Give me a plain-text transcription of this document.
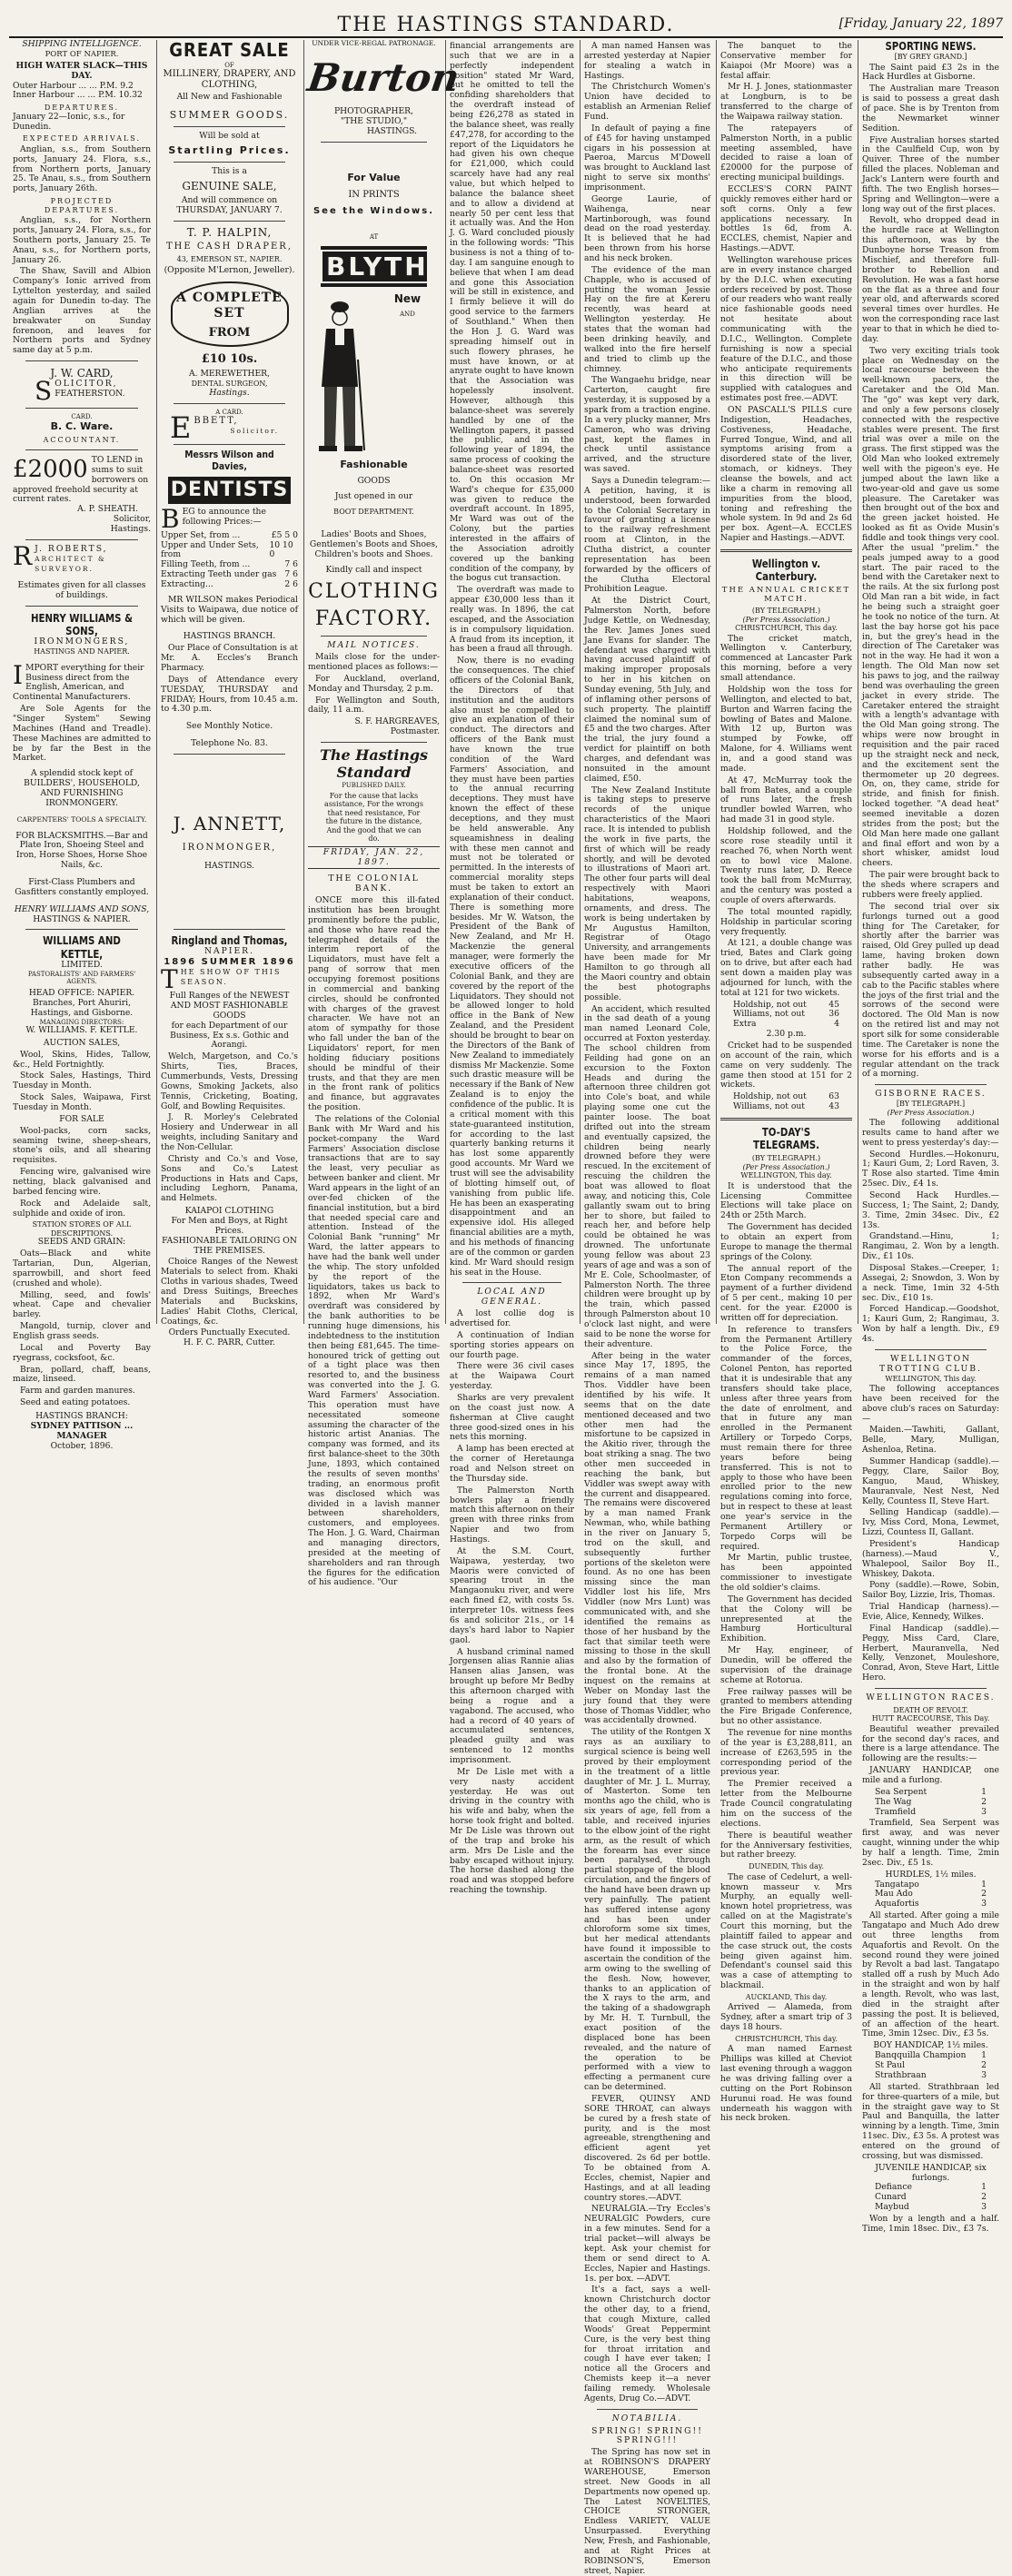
THE HASTINGS STANDARD.	[Friday, January 22, 1897
SHIPPING INTELLIGENCE.
PORT OF NAPIER.
HIGH WATER SLACK—THIS DAY.
Outer Harbour ... ... P.M. 9.2
Inner Harbour ... ... P.M. 10.32
DEPARTURES.
January 22—Ionic, s.s., for Dunedin.
EXPECTED ARRIVALS.

Anglian, s.s., from Southern ports, January 24. Flora, s.s., from Northern ports, January 25. Te Anau, s.s., from Southern ports, January 26th.

PROJECTED DEPARTURES.

Anglian, s.s., for Northern ports, January 24. Flora, s.s., for Southern ports, January 25. Te Anau, s.s., for Northern ports, January 26.

The Shaw, Savill and Albion Company's Ionic arrived from Lyttelton yesterday, and sailed again for Dunedin to-day. The Anglian arrives at the breakwater on Sunday forenoon, and leaves for Northern ports and Sydney same day at 5 p.m.

J. W. CARD,
SOLICITOR,
FEATHERSTON.
CARD.
B. C. Ware.
ACCOUNTANT.
£2000 TO LEND in sums to suit borrowers on approved freehold security at current rates.
A. P. SHEATH.
Solicitor,
Hastings.
R J. ROBERTS,
ARCHITECT & SURVEYOR.
Estimates given for all classes of buildings.
HENRY WILLIAMS & SONS,
IRONMONGERS,
HASTINGS AND NAPIER.
IMPORT everything for their Business direct from the English, American, and Continental Manufacturers.

Are Sole Agents for the "Singer System" Sewing Machines (Hand and Treadle). These Machines are admitted to be by far the Best in the Market.

A splendid stock kept of BUILDERS', HOUSEHOLD, AND FURNISHING IRONMONGERY.
CARPENTERS' TOOLS A SPECIALTY.
FOR BLACKSMITHS.—Bar and Plate Iron, Shoeing Steel and Iron, Horse Shoes, Horse Shoe Nails, &c.
First-Class Plumbers and Gasfitters constantly employed.
HENRY WILLIAMS AND SONS,
HASTINGS & NAPIER.
WILLIAMS AND KETTLE,
LIMITED.
PASTORALISTS' AND FARMERS' AGENTS.
HEAD OFFICE: NAPIER.
Branches, Port Ahuriri, Hastings, and Gisborne.
MANAGING DIRECTORS:
W. WILLIAMS. F. KETTLE.
AUCTION SALES,

Wool, Skins, Hides, Tallow, &c., Held Fortnightly.

Stock Sales, Hastings, Third Tuesday in Month.

Stock Sales, Waipawa, First Tuesday in Month.

FOR SALE

Wool-packs, corn sacks, seaming twine, sheep-shears, stone's oils, and all shearing requisites.

Fencing wire, galvanised wire netting, black galvanised and barbed fencing wire.

Rock and Adelaide salt, sulphide and oxide of iron.

STATION STORES OF ALL DESCRIPTIONS.
SEEDS AND GRAIN:

Oats—Black and white Tartarian, Dun, Algerian, sparrowbill, and short feed (crushed and whole).

Milling, seed, and fowls' wheat. Cape and chevalier barley.

Mangold, turnip, clover and English grass seeds.

Local and Poverty Bay ryegrass, cocksfoot, &c.

Bran, pollard, chaff, beans, maize, linseed.

Farm and garden manures.

Seed and eating potatoes.

HASTINGS BRANCH:
SYDNEY PATTISON ... MANAGER
October, 1896.
GREAT SALE
OF
MILLINERY, DRAPERY, AND CLOTHING,
All New and Fashionable
SUMMER GOODS.
Will be sold at
Startling Prices.
This is a
GENUINE SALE,
And will commence on THURSDAY, JANUARY 7.
T. P. HALPIN,
THE CASH DRAPER,
43, EMERSON ST., NAPIER.
(Opposite M'Lernon, Jeweller).
A COMPLETE SET
FROM
£10 10s.
A. MEREWETHER,
DENTAL SURGEON,
Hastings.
A CARD.
EBBETT,
Solicitor.
Messrs Wilson and Davies,
DENTISTS
BEG to announce the following Prices:—
Upper Set, from ...	£5 5 0
Upper and Under Sets, from
10 10 0
Filling Teeth, from ...	7 6
Extracting Teeth under gas 7 6
Extracting...	2 6

MR WILSON makes Periodical Visits to Waipawa, due notice of which will be given.

HASTINGS BRANCH.

Our Place of Consultation is at Mr. A. Eccles's Branch Pharmacy.

Days of Attendance every TUESDAY, THURSDAY and FRIDAY; Hours, from 10.45 a.m. to 4.30 p.m.

See Monthly Notice.
Telephone No. 83.
J. ANNETT,
IRONMONGER,
HASTINGS.
Ringland and Thomas,
NAPIER.
1896 SUMMER 1896
THE SHOW OF THIS SEASON.
Full Ranges of the NEWEST AND MOST FASHIONABLE GOODS
for each Department of our Business, Ex s.s. Gothic and Aorangi.

Welch, Margetson, and Co.'s Shirts, Ties, Braces, Cummerbunds, Vests, Dressing Gowns, Smoking Jackets, also Tennis, Cricketing, Boating, Golf, and Bowling Requisites.

J. R. Morley's Celebrated Hosiery and Underwear in all weights, including Sanitary and the Non-Cellular.

Christy and Co.'s and Vose, Sons and Co.'s Latest Productions in Hats and Caps, including Leghorn, Panama, and Helmets.

KAIAPOI CLOTHING
For Men and Boys, at Right Prices.
FASHIONABLE TAILORING ON THE PREMISES.

Choice Ranges of the Newest Materials to select from. Khaki Cloths in various shades, Tweed and Dress Suitings, Breeches Materials and Buckskins, Ladies' Habit Cloths, Clerical, Coatings, &c.

Orders Punctually Executed.
H. F. C. PARR, Cutter.
UNDER VICE-REGAL PATRONAGE.
Burton
PHOTOGRAPHER,
"THE STUDIO,"
HASTINGS.
For Value
IN PRINTS
See the Windows.
AT
BLYTHES
New
AND
Fashionable
GOODS
Just opened in our
BOOT DEPARTMENT.
Ladies' Boots and Shoes, Gentlemen's Boots and Shoes, Children's boots and Shoes.
Kindly call and inspect
CLOTHING
FACTORY.
MAIL NOTICES.

Mails close for the under-mentioned places as follows:—

For Auckland, overland, Monday and Thursday, 2 p.m.

For Wellington and South, daily, 11 a.m.

S. F. HARGREAVES,
Postmaster.
The Hastings Standard
PUBLISHED DAILY.
For the cause that lacks assistance, For the wrongs that need resistance, For the future in the distance, And the good that we can do.
FRIDAY, JAN. 22, 1897.
THE COLONIAL BANK.

ONCE more this ill-fated institution has been brought prominently before the public, and those who have read the telegraphed details of the interim report of the Liquidators, must have felt a pang of sorrow that men occupying foremost positions in commercial and banking circles, should be confronted with charges of the gravest character. We have not an atom of sympathy for those who fall under the ban of the Liquidators' report, for men holding fiduciary positions should be mindful of their trusts, and that they are men in the front rank of politics and finance, but aggravates the position.

The relations of the Colonial Bank with Mr Ward and his pocket-company the Ward Farmers' Association disclose transactions that are to say the least, very peculiar as between banker and client. Mr Ward appears in the light of an over-fed chicken of the financial institution, but a bird that needed special care and attention. Instead of the Colonial Bank "running" Mr Ward, the latter appears to have had the bank well under the whip. The story unfolded by the report of the liquidators, takes us back to 1892, when Mr Ward's overdraft was considered by the bank authorities to be running huge dimensions, his indebtedness to the institution then being £81,645. The time-honoured trick of getting out of a tight place was then resorted to, and the business was converted into the J. G. Ward Farmers' Association. This operation must have necessitated someone assuming the character of the historic artist Ananias. The company was formed, and its first balance-sheet to the 30th June, 1893, which contained the results of seven months' trading, an enormous profit was disclosed which was divided in a lavish manner between shareholders, customers, and employees. The Hon. J. G. Ward, Chairman and managing directors, presided at the meeting of shareholders and ran through the figures for the edification of his audience. "Our

financial arrangements are such that we are in a perfectly independent position" stated Mr Ward, but he omitted to tell the confiding shareholders that the overdraft instead of being £26,278 as stated in the balance sheet, was really £47,278, for according to the report of the Liquidators he had given his own cheque for £21,000, which could scarcely have had any real value, but which helped to balance the balance sheet and to allow a dividend at nearly 50 per cent less that it actually was. And the Hon J. G. Ward concluded piously in the following words: "This business is not a thing of to-day. I am sanguine enough to believe that when I am dead and gone this Association will be still in existence, and I firmly believe it will do good service to the farmers of Southland." When then the Hon J. G. Ward was spreading himself out in such flowery phrases, he must have known, or at anyrate ought to have known that the Association was hopelessly insolvent. However, although this balance-sheet was severely handled by one of the Wellington papers, it passed the public, and in the following year of 1894, the same process of cooking the balance-sheet was resorted to. On this occasion Mr Ward's cheque for £35,000 was given to reduce the overdraft account. In 1895, Mr Ward was out of the Colony, but the parties interested in the affairs of the Association adroitly covered up the banking condition of the company, by the bogus cut transaction.

The overdraft was made to appear £30,000 less than it really was. In 1896, the cat escaped, and the Association is in compulsory liquidation. A fraud from its inception, it has been a fraud all through.

Now, there is no evading the consequences. The chief officers of the Colonial Bank, the Directors of that institution and the auditors also must be compelled to give an explanation of their conduct. The directors and officers of the Bank must have known the true condition of the Ward Farmers' Association, and they must have been parties to the annual recurring deceptions. They must have known the effect of these deceptions, and they must be held answerable. Any squeamishness in dealing with these men cannot and must not be tolerated or permitted. In the interests of commercial morality steps must be taken to extort an explanation of their conduct. There is something more besides. Mr W. Watson, the President of the Bank of New Zealand, and Mr H. Mackenzie the general manager, were formerly the executive officers of the Colonial Bank, and they are covered by the report of the Liquidators. They should not be allowed longer to hold office in the Bank of New Zealand, and the President should be brought to bear on the Directors of the Bank of New Zealand to immediately dismiss Mr Mackenzie. Some such drastic measure will be necessary if the Bank of New Zealand is to enjoy the confidence of the public. It is a critical moment with this state-guaranteed institution, for according to the last quarterly banking returns it has lost some apparently good accounts. Mr Ward we trust will see the advisability of blotting himself out, of vanishing from public life. He has been an exasperating disappointment and an expensive idol. His alleged financial abilities are a myth, and his methods of financing are of the common or garden kind. Mr Ward should resign his seat in the House.

LOCAL AND GENERAL.

A lost collie dog is advertised for.

A continuation of Indian sporting stories appears on our fourth page.

There were 36 civil cases at the Waipawa Court yesterday.

Sharks are very prevalent on the coast just now. A fisherman at Clive caught three good-sized ones in his nets this morning.

A lamp has been erected at the corner of Heretaunga road and Nelson street on the Thursday side.

The Palmerston North bowlers play a friendly match this afternoon on their green with three rinks from Napier and two from Hastings.

At the S.M. Court, Waipawa, yesterday, two Maoris were convicted of spearing trout in the Mangaonuku river, and were each fined £2, with costs 5s. interpreter 10s. witness fees 6s and solicitor 21s., or 14 days's hard labor to Napier gaol.

A husband criminal named Jorgensen alias Rannie alias Hansen alias Jansen, was brought up before Mr Bedby this afternoon charged with being a rogue and a vagabond. The accused, who had a record of 40 years of accumulated sentences, pleaded guilty and was sentenced to 12 months imprisonment.

Mr De Lisle met with a very nasty accident yesterday. He was out driving in the country with his wife and baby, when the horse took fright and bolted. Mr De Lisle was thrown out of the trap and broke his arm. Mrs De Lisle and the baby escaped without injury. The horse dashed along the road and was stopped before reaching the township.

A man named Hansen was arrested yesterday at Napier for stealing a watch in Hastings.

The Christchurch Women's Union have decided to establish an Armenian Relief Fund.

In default of paying a fine of £45 for having unstamped cigars in his possession at Paeroa, Marcus M'Dowell was brought to Auckland last night to serve six months' imprisonment.

George Laurie, of Waihenga, near Martinborough, was found dead on the road yesterday. It is believed that he had been thrown from his horse and his neck broken.

The evidence of the man Chapple, who is accused of putting the woman Jessie Hay on the fire at Kereru recently, was heard at Wellington yesterday. He states that the woman had been drinking heavily, and walked into the fire herself and tried to climb up the chimney.

The Wangaehu bridge, near Carterton, caught fire yesterday, it is supposed by a spark from a traction engine. In a very plucky manner, Mrs Cameron, who was driving past, kept the flames in check until assistance arrived, and the structure was saved.

Says a Dunedin telegram:—A petition, having, it is understood, been forwarded to the Colonial Secretary in favour of granting a license to the railway refreshment room at Clinton, in the Clutha district, a counter representation has been forwarded by the officers of the Clutha Electoral Prohibition League.

At the District Court, Palmerston North, before Judge Kettle, on Wednesday, the Rev. James Jones sued Jane Evans for slander. The defendant was charged with having accused plaintiff of making improper proposals to her in his kitchen on Sunday evening, 5th July, and of inflaming other persons of such property. The plaintiff claimed the nominal sum of £5 and the two charges. After the trial, the jury found a verdict for plaintiff on both charges, and defendant was nonsuited in the amount claimed, £50.

The New Zealand Institute is taking steps to preserve records of the unique characteristics of the Maori race. It is intended to publish the work in five parts, the first of which will be ready shortly, and will be devoted to illustrations of Maori art. The other four parts will deal respectively with Maori habitations, weapons, ornaments, and dress. The work is being undertaken by Mr Augustus Hamilton, Registrar of Otago University, and arrangements have been made for Mr Hamilton to go through all the Maori country and obtain the best photographs possible.

An accident, which resulted in the sad death of a young man named Leonard Cole, occurred at Foxton yesterday. The school children from Feilding had gone on an excursion to the Foxton Heads and during the afternoon three children got into Cole's boat, and while playing some one cut the painter loose. The boat drifted out into the stream and eventually capsized, the children being nearly drowned before they were rescued. In the excitement of rescuing the children the boat was allowed to float away, and noticing this, Cole gallantly swam out to bring her to shore, but failed to reach her, and before help could be obtained he was drowned. The unfortunate young fellow was about 23 years of age and was a son of Mr E. Cole, Schoolmaster, of Palmerston North. The three children were brought up by the train, which passed through Palmerston about 10 o'clock last night, and were said to be none the worse for their adventure.

After being in the water since May 17, 1895, the remains of a man named Thos. Viddler have been identified by his wife. It seems that on the date mentioned deceased and two other men had the misfortune to be capsized in the Akitio river, through the boat striking a snag. The two other men succeeded in reaching the bank, but Viddler was swept away with the current and disappeared. The remains were discovered by a man named Frank Newman, who, while bathing in the river on January 5, trod on the skull, and subsequently further portions of the skeleton were found. As no one has been missing since the man Viddler lost his life, Mrs Viddler (now Mrs Lunt) was communicated with, and she identified the remains as those of her husband by the fact that similar teeth were missing to those in the skull and also by the formation of the frontal bone. At the inquest on the remains at Weber on Monday last the jury found that they were those of Thomas Viddler, who was accidentally drowned.

The utility of the Rontgen X rays as an auxiliary to surgical science is being well proved by their employment in the treatment of a little daughter of Mr. J. L. Murray, of Masterton. Some ten months ago the child, who is six years of age, fell from a table, and received injuries to the elbow joint of the right arm, as the result of which the forearm has ever since been paralysed, through partial stoppage of the blood circulation, and the fingers of the hand have been drawn up very painfully. The patient has suffered intense agony and has been under chloroform some six times, but her medical attendants have found it impossible to ascertain the condition of the arm owing to the swelling of the flesh. Now, however, thanks to an application of the X rays to the arm, and the taking of a shadowgraph by Mr. H. T. Turnbull, the exact position of the displaced bone has been revealed, and the nature of the operation to be performed with a view to effecting a permanent cure can be determined.

FEVER, QUINSY AND SORE THROAT, can always be cured by a fresh state of purity, and is the most agreeable, strengthening and efficient agent yet discovered. 2s 6d per bottle. To be obtained from A. Eccles, chemist, Napier and Hastings, and at all leading country stores.—ADVT.

NEURALGIA.—Try Eccles's NEURALGIC Powders, cure in a few minutes. Send for a trial packet—will always be kept. Ask your chemist for them or send direct to A. Eccles, Napier and Hastings. 1s. per box. —ADVT.

It's a fact, says a well-known Christchurch doctor the other day, to a friend, that cough Mixture, called Woods' Great Peppermint Cure, is the very best thing for throat irritation and cough I have ever taken; I notice all the Grocers and Chemists keep it—a never failing remedy. Wholesale Agents, Drug Co.—ADVT.

NOTABILIA.
SPRING! SPRING!! SPRING!!!

The Spring has now set in at ROBINSON'S DRAPERY WAREHOUSE, Emerson street. New Goods in all Departments now opened up. The Latest NOVELTIES, CHOICE STRONGER, Endless VARIETY, VALUE Unsurpassed. Everything New, Fresh, and Fashionable, and at Right Prices at ROBINSON'S, Emerson street, Napier.

The banquet to the Conservative member for Kaiapoi (Mr Moore) was a festal affair.

Mr H. J. Jones, stationmaster at Longburn, is to be transferred to the charge of the Waipawa railway station.

The ratepayers of Palmerston North, in a public meeting assembled, have decided to raise a loan of £20000 for the purpose of erecting municipal buildings.

ECCLES'S CORN PAINT quickly removes either hard or soft corns. Only a few applications necessary. In bottles 1s 6d, from A. ECCLES, chemist, Napier and Hastings.—ADVT.

Wellington warehouse prices are in every instance charged by the D.I.C. when executing orders received by post. Those of our readers who want really nice fashionable goods need not hesitate about communicating with the D.I.C., Wellington. Complete furnishing is now a special feature of the D.I.C., and those who anticipate requirements in this direction will be supplied with catalogues and estimates post free.—ADVT.

ON PASCALL'S PILLS cure Indigestion, Headaches, Costiveness, Headache, Furred Tongue, Wind, and all symptoms arising from a disordered state of the liver, stomach, or kidneys. They cleanse the bowels, and act like a charm in removing all impurities from the blood, toning and refreshing the whole system. In 9d and 2s 6d per box. Agent—A. ECCLES Napier and Hastings.—ADVT.

Wellington v. Canterbury.
THE ANNUAL CRICKET MATCH.
(BY TELEGRAPH.)
(Per Press Association.)
CHRISTCHURCH, This day.

The cricket match, Wellington v. Canterbury, commenced at Lancaster Park this morning, before a very small attendance.

Holdship won the toss for Wellington, and elected to bat, Burton and Warren facing the bowling of Bates and Malone. With 12 up, Burton was stumped by Fowke, off Malone, for 4. Williams went in, and a good stand was made.

At 47, McMurray took the ball from Bates, and a couple of runs later, the fresh trundler bowled Warren, who had made 31 in good style.

Holdship followed, and the score rose steadily until it reached 76, when North went on to bowl vice Malone. Twenty runs later, D. Reece took the ball from McMurray, and the century was posted a couple of overs afterwards.

The total mounted rapidly, Holdship in particular scoring very frequently.

At 121, a double change was tried, Bates and Clark going on to drive, but after each had sent down a maiden play was adjourned for lunch, with the total at 121 for two wickets.

Holdship, not out	45
Williams, not out	36
Extra	4
2.30 p.m.

Cricket had to be suspended on account of the rain, which came on very suddenly. The game then stood at 151 for 2 wickets.

Holdship, not out	63
Williams, not out	43
TO-DAY'S TELEGRAMS.
(BY TELEGRAPH.)
(Per Press Association.)
WELLINGTON, This day.

It is understood that the Licensing Committee Elections will take place on 24th or 25th March.

The Government has decided to obtain an expert from Europe to manage the thermal springs of the Colony.

The annual report of the Eton Company recommends a payment of a further dividend of 5 per cent., making 10 per cent. for the year. £2000 is written off for depreciation.

In reference to transfers from the Permanent Artillery to the Police Force, the commander of the forces, Colonel Penton, has reported that it is undesirable that any transfers should take place, unless after three years from the date of enrolment, and that in future any man enrolled in the Permanent Artillery or Torpedo Corps, must remain there for three years before being transferred. This is not to apply to those who have been enrolled prior to the new regulations coming into force, but in respect to these at least one year's service in the Permanent Artillery or Torpedo Corps will be required.

Mr Martin, public trustee, has been appointed commissioner to investigate the old soldier's claims.

The Government has decided that the Colony will be unrepresented at the Hamburg Horticultural Exhibition.

Mr Hay, engineer, of Dunedin, will be offered the supervision of the drainage scheme at Rotorua.

Free railway passes will be granted to members attending the Fire Brigade Conference, but no other assistance.

The revenue for nine months of the year is £3,288,811, an increase of £263,595 in the corresponding period of the previous year.

The Premier received a letter from the Melbourne Trade Council congratulating him on the success of the elections.

There is beautiful weather for the Anniversary festivities, but rather breezy.

DUNEDIN, This day.

The case of Cedelurt, a well-known masseur v. Mrs Murphy, an equally well-known hotel proprietress, was called on at the Magistrate's Court this morning, but the plaintiff failed to appear and the case struck out, the costs being given against him. Defendant's counsel said this was a case of attempting to blackmail.

AUCKLAND, This day.

Arrived — Alameda, from Sydney, after a smart trip of 3 days 18 hours.

CHRISTCHURCH, This day.

A man named Earnest Phillips was killed at Cheviot last evening through a waggon he was driving falling over a cutting on the Port Robinson Hurunui road. He was found underneath his waggon with his neck broken.

SPORTING NEWS.
[BY GREY GRAND.]

The Saint paid £3 2s in the Hack Hurdles at Gisborne.

The Australian mare Treason is said to possess a great dash of pace. She is by Trenton from the Newmarket winner Sedition.

Five Australian horses started in the Caulfield Cup, won by Quiver. Three of the number filled the places. Nobleman and Jack's Lantern were fourth and fifth. The two English horses—Spring and Wellington—were a long way out of the first places.

Revolt, who dropped dead in the hurdle race at Wellington this afternoon, was by the Dunboyne horse Treason from Mischief, and therefore full-brother to Rebellion and Revolution. He was a fast horse on the flat as a three and four year old, and afterwards scored several times over hurdles. He won the corresponding race last year to that in which he died to-day.

Two very exciting trials took place on Wednesday on the local racecourse between the well-known pacers, the Caretaker and the Old Man. The "go" was kept very dark, and only a few persons closely connected with the respective stables were present. The first trial was over a mile on the grass. The first stipped was the Old Man who looked extremely well with the pigeon's eye. He jumped about the lawn like a two-year-old and gave us some pleasure. The Caretaker was then brought out of the box and the green jacket hoisted. He looked as fit as Ovide Musin's fiddle and took things very cool. After the usual "prelim." the peals jumped away to a good start. The pair raced to the bend with the Caretaker next to the rails. At the six furlong post Old Man ran a bit wide, in fact he being such a straight goer he took no notice of the turn. At last the bay horse got his pace in, but the grey's head in the direction of The Caretaker was not in the way. He had it won a length. The Old Man now set his paws to jog, and the railway bend was overhauling the green jacket in every stride. The Caretaker entered the straight with a length's advantage with the Old Man going strong. The whips were now brought in requisition and the pair raced up the straight neck and neck, and the excitement sent the thermometer up 20 degrees. On, on, they came, stride for stride, and finish for finish. locked together. "A dead heat" seemed inevitable a dozen strides from the post; but the Old Man here made one gallant and final effort and won by a short whisker, amidst loud cheers.

The pair were brought back to the sheds where scrapers and rubbers were freely applied.

The second trial over six furlongs turned out a good thing for The Caretaker, for shortly after the barrier was raised, Old Grey pulled up dead lame, having broken down rather badly. He was subsequently carted away in a cab to the Pacific stables where the joys of the first trial and the sorrows of the second were doctored. The Old Man is now on the retired list and may not sport silk for some considerable time. The Caretaker is none the worse for his efforts and is a regular attendant on the track of a morning.

GISBORNE RACES.
[BY TELEGRAPH.]
(Per Press Association.)

The following additional results came to hand after we went to press yesterday's day:—

Second Hurdles.—Hokonuru, 1; Kauri Gum, 2; Lord Raven, 3. T Rose also started. Time 4min 25sec. Div., £4 1s.

Second Hack Hurdles.—Success, 1; The Saint, 2; Dandy, 3. Time, 2min 34sec. Div., £2 13s.

Grandstand.—Hinu, 1; Rangimau, 2. Won by a length. Div., £1 10s.

Disposal Stakes.—Creeper, 1; Assegai, 2; Snowdon, 3. Won by a neck. Time, 1min 32 4-5th sec. Div., £10 1s.

Forced Handicap.—Goodshot, 1; Kauri Gum, 2; Rangimau, 3. Won by half a length. Div., £9 4s.

WELLINGTON TROTTING CLUB.
WELLINGTON, This day.

The following acceptances have been received for the above club's races on Saturday:—

Maiden.—Tawhiti, Gallant, Belle, Mary, Mulligan, Ashenloa, Retina.

Summer Handicap (saddle).—Peggy, Clare, Sailor Boy, Kanguo, Maud, Whiskey, Mauranvale, Nest Nest, Ned Kelly, Countess II, Steve Hart.

Selling Handicap (saddle).—Ivy, Miss Cord, Mona, Lewmet, Lizzi, Countess II, Gallant.

President's Handicap (harness).—Maud V., Whalepool, Sailor Boy II., Whiskey, Dakota.

Pony (saddle).—Rowe, Sobin, Sailor Boy, Lizzie, Iris, Thomas.

Trial Handicap (harness).—Evie, Alice, Kennedy, Wilkes.

Final Handicap (saddle).—Peggy, Miss Card, Clare, Herbert, Mauranvella, Ned Kelly, Venzonet, Mouleshore, Conrad, Avon, Steve Hart, Little Hero.

WELLINGTON RACES.
DEATH OF REVOLT.
HUTT RACECOURSE, This Day.

Beautiful weather prevailed for the second day's races, and there is a large attendance. The following are the results:—

JANUARY HANDICAP, one mile and a furlong.

Sea Serpent	1
The Wag	2
Tramfield	3

Tramfield, Sea Serpent was first away, and was never caught, winning under the whip by half a length. Time, 2min 2sec. Div., £5 1s.

HURDLES, 1½ miles.
Tangatapo	1
Mau Ado	2
Aquafortis	3

All started. After going a mile Tangatapo and Much Ado drew out three lengths from Aquafortis and Revolt. On the second round they were joined by Revolt a bad last. Tangatapo stalled off a rush by Much Ado in the straight and won by half a length. Revolt, who was last, died in the straight after passing the post. It is believed, of an affection of the heart. Time, 3min 12sec. Div., £3 5s.

BOY HANDICAP, 1½ miles.
Banqquilla Champion 1
St Paul	2
Strathbraan	3

All started. Strathbraan led for three-quarters of a mile, but in the straight gave way to St Paul and Banquilla, the latter winning by a length. Time, 3min 11sec. Div., £3 5s. A protest was entered on the ground of crossing, but was dismissed.

JUVENILE HANDICAP, six furlongs.
Defiance	1
Cunard	2
Maybud	3

Won by a length and a half. Time, 1min 18sec. Div., £3 7s.
